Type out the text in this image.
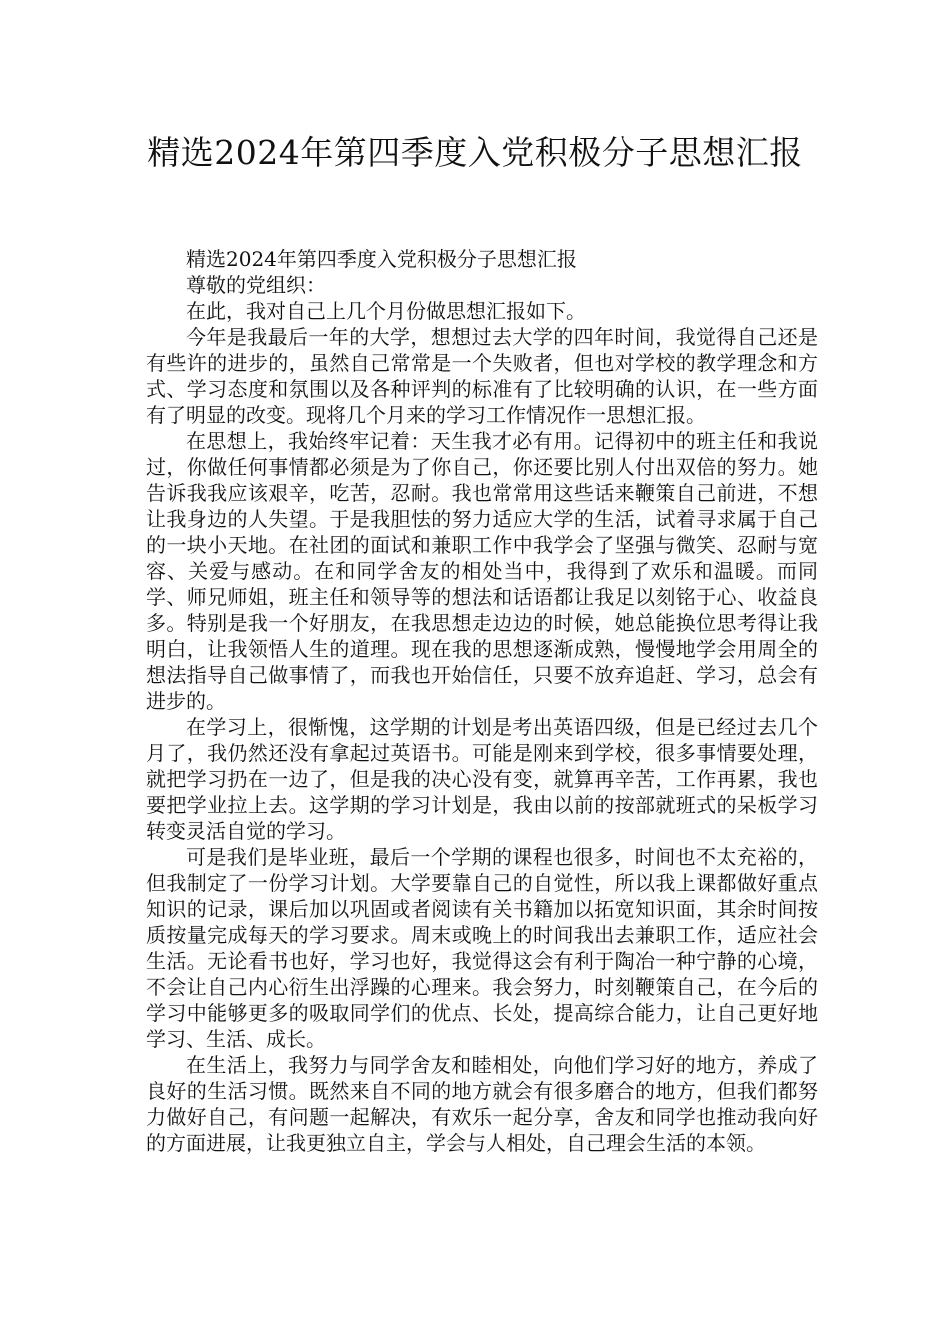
精选2024年第四季度入党积极分子思想汇报

精选2024年第四季度入党积极分子思想汇报

尊敬的党组织：

在此，我对自己上几个月份做思想汇报如下。

今年是我最后一年的大学，想想过去大学的四年时间，我觉得自己还是有些许的进步的，虽然自己常常是一个失败者，但也对学校的教学理念和方式、学习态度和氛围以及各种评判的标准有了比较明确的认识，在一些方面有了明显的改变。现将几个月来的学习工作情况作一思想汇报。

在思想上，我始终牢记着：天生我才必有用。记得初中的班主任和我说过，你做任何事情都必须是为了你自己，你还要比别人付出双倍的努力。她告诉我我应该艰辛，吃苦，忍耐。我也常常用这些话来鞭策自己前进，不想让我身边的人失望。于是我胆怯的努力适应大学的生活，试着寻求属于自己的一块小天地。在社团的面试和兼职工作中我学会了坚强与微笑、忍耐与宽容、关爱与感动。在和同学舍友的相处当中，我得到了欢乐和温暖。而同学、师兄师姐，班主任和领导等的想法和话语都让我足以刻铭于心、收益良多。特别是我一个好朋友，在我思想走边边的时候，她总能换位思考得让我明白，让我领悟人生的道理。现在我的思想逐渐成熟，慢慢地学会用周全的想法指导自己做事情了，而我也开始信任，只要不放弃追赶、学习，总会有进步的。

在学习上，很惭愧，这学期的计划是考出英语四级，但是已经过去几个月了，我仍然还没有拿起过英语书。可能是刚来到学校，很多事情要处理，就把学习扔在一边了，但是我的决心没有变，就算再辛苦，工作再累，我也要把学业拉上去。这学期的学习计划是，我由以前的按部就班式的呆板学习转变灵活自觉的学习。

可是我们是毕业班，最后一个学期的课程也很多，时间也不太充裕的，但我制定了一份学习计划。大学要靠自己的自觉性，所以我上课都做好重点知识的记录，课后加以巩固或者阅读有关书籍加以拓宽知识面，其余时间按质按量完成每天的学习要求。周末或晚上的时间我出去兼职工作，适应社会生活。无论看书也好，学习也好，我觉得这会有利于陶冶一种宁静的心境，不会让自己内心衍生出浮躁的心理来。我会努力，时刻鞭策自己，在今后的学习中能够更多的吸取同学们的优点、长处，提高综合能力，让自己更好地学习、生活、成长。

在生活上，我努力与同学舍友和睦相处，向他们学习好的地方，养成了良好的生活习惯。既然来自不同的地方就会有很多磨合的地方，但我们都努力做好自己，有问题一起解决，有欢乐一起分享，舍友和同学也推动我向好的方面进展，让我更独立自主，学会与人相处，自己理会生活的本领。
